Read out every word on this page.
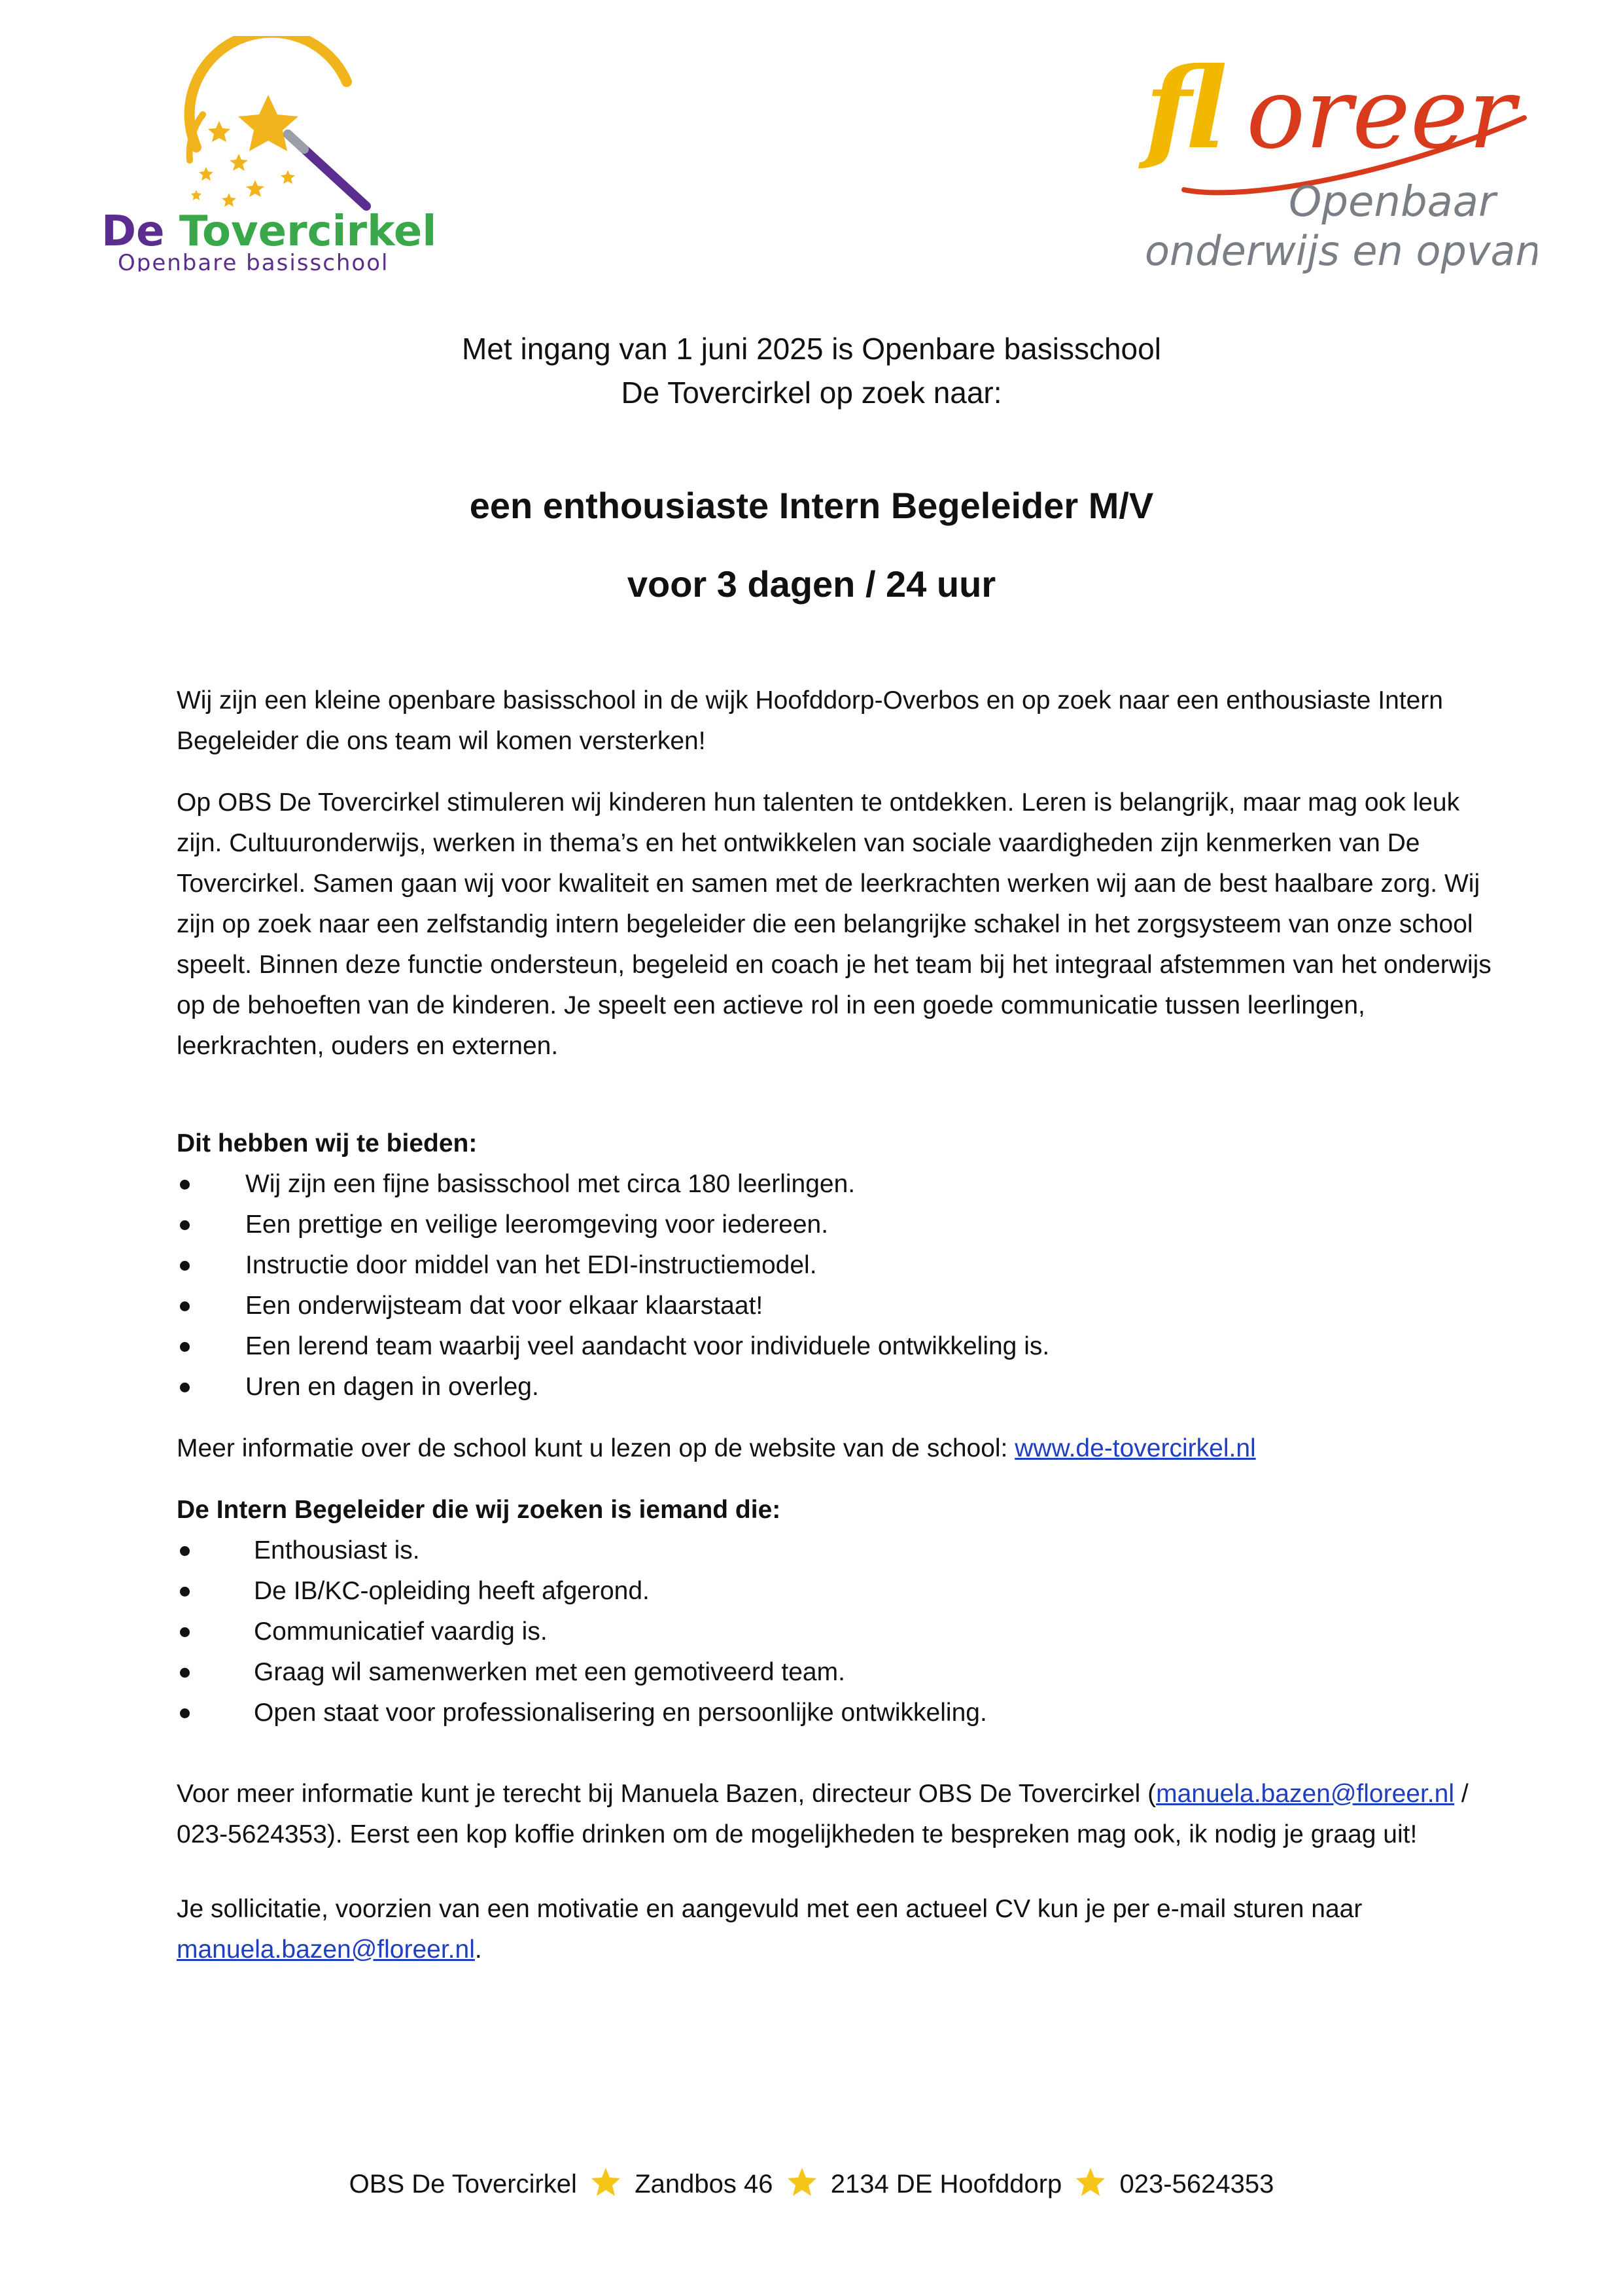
De Tovercirkel
Openbare basisschool
fl oreer
Openbaar
onderwijs en opvang
Met ingang van 1 juni 2025 is Openbare basisschool
De Tovercirkel op zoek naar:
een enthousiaste Intern Begeleider M/V
voor 3 dagen / 24 uur

Wij zijn een kleine openbare basisschool in de wijk Hoofddorp-Overbos en op zoek naar een enthousiaste Intern Begeleider die ons team wil komen versterken!

Op OBS De Tovercirkel stimuleren wij kinderen hun talenten te ontdekken. Leren is belangrijk, maar mag ook leuk zijn. Cultuuronderwijs, werken in thema’s en het ontwikkelen van sociale vaardigheden zijn kenmerken van De Tovercirkel. Samen gaan wij voor kwaliteit en samen met de leerkrachten werken wij aan de best haalbare zorg. Wij zijn op zoek naar een zelfstandig intern begeleider die een belangrijke schakel in het zorgsysteem van onze school speelt. Binnen deze functie ondersteun, begeleid en coach je het team bij het integraal afstemmen van het onderwijs op de behoeften van de kinderen. Je speelt een actieve rol in een goede communicatie tussen leerlingen, leerkrachten, ouders en externen.

Dit hebben wij te bieden:
Wij zijn een fijne basisschool met circa 180 leerlingen.
Een prettige en veilige leeromgeving voor iedereen.
Instructie door middel van het EDI-instructiemodel.
Een onderwijsteam dat voor elkaar klaarstaat!
Een lerend team waarbij veel aandacht voor individuele ontwikkeling is.
Uren en dagen in overleg.

Meer informatie over de school kunt u lezen op de website van de school: www.de-tovercirkel.nl

De Intern Begeleider die wij zoeken is iemand die:
Enthousiast is.
De IB/KC-opleiding heeft afgerond.
Communicatief vaardig is.
Graag wil samenwerken met een gemotiveerd team.
Open staat voor professionalisering en persoonlijke ontwikkeling.

Voor meer informatie kunt je terecht bij Manuela Bazen, directeur OBS De Tovercirkel (manuela.bazen@floreer.nl / 023-5624353). Eerst een kop koffie drinken om de mogelijkheden te bespreken mag ook, ik nodig je graag uit!

Je sollicitatie, voorzien van een motivatie en aangevuld met een actueel CV kun je per e-mail sturen naar manuela.bazen@floreer.nl.

OBS De Tovercirkel Zandbos 46 2134 DE Hoofddorp 023-5624353
